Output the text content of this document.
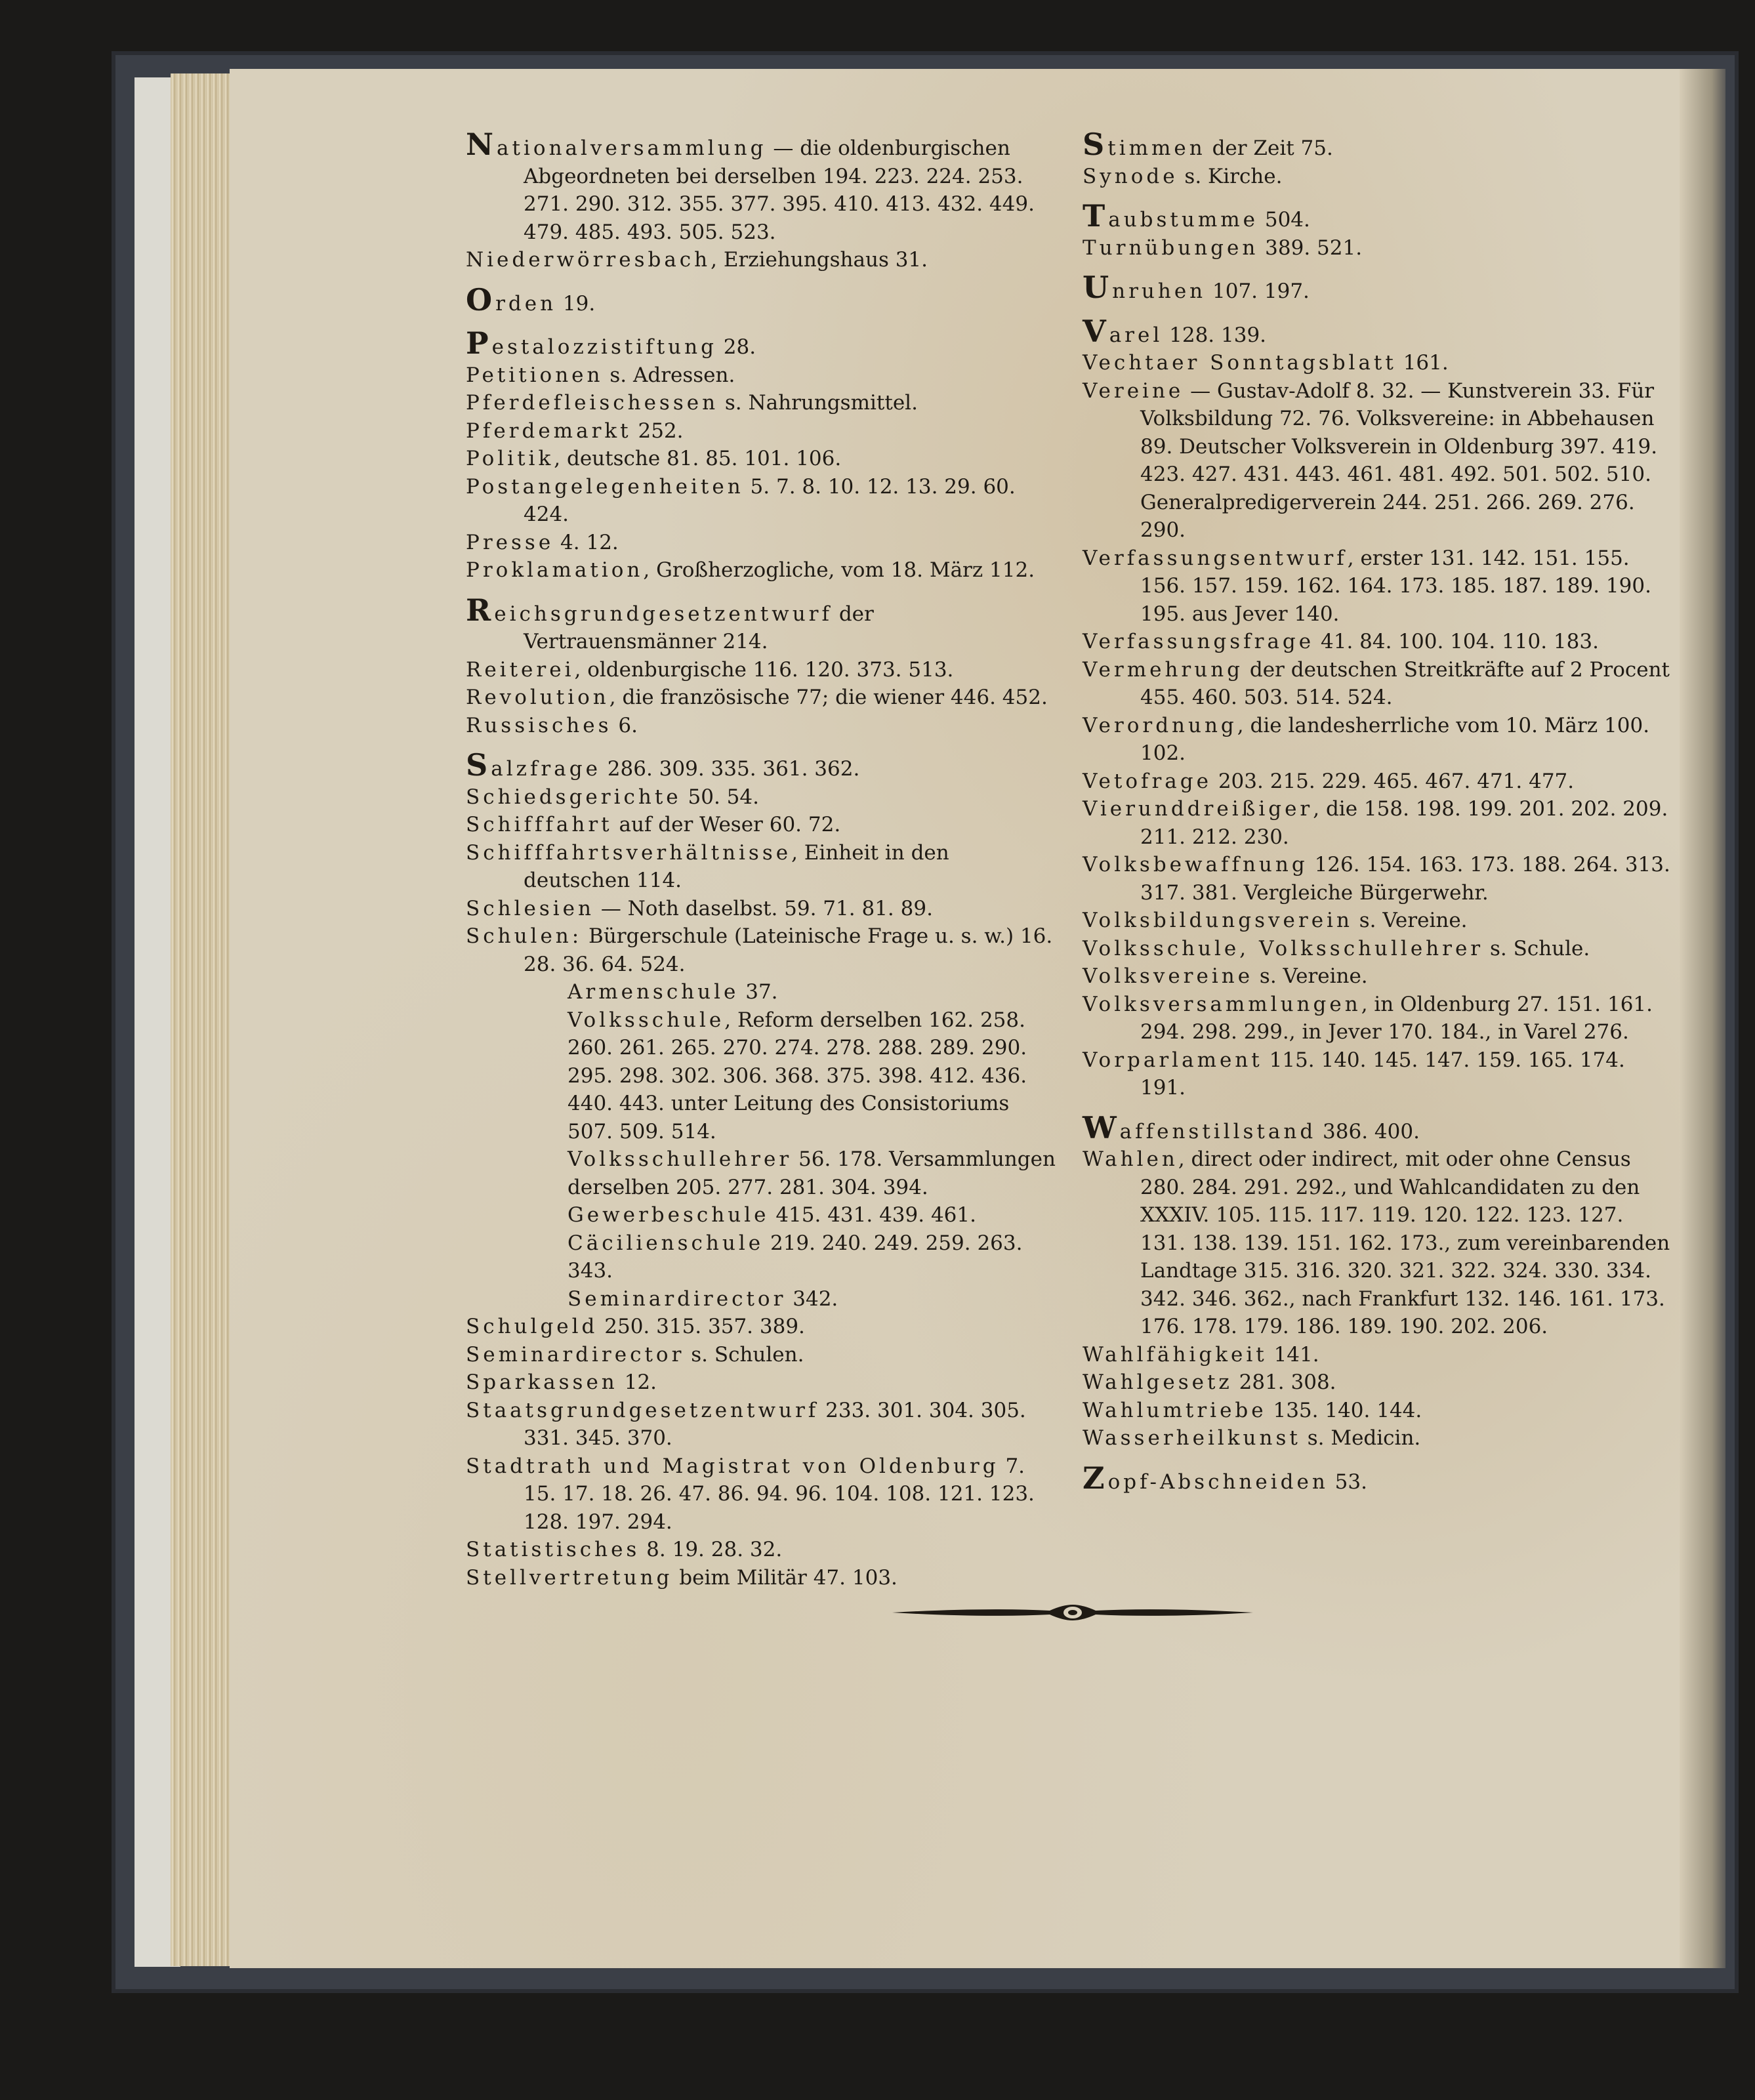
Nationalversammlung — die oldenburgischen Abgeordneten bei derselben 194. 223. 224. 253. 271. 290. 312. 355. 377. 395. 410. 413. 432. 449. 479. 485. 493. 505. 523.

Niederwörresbach, Erziehungshaus 31.

Orden 19.

Pestalozzistiftung 28.

Petitionen s. Adressen.

Pferdefleischessen s. Nahrungsmittel.

Pferdemarkt 252.

Politik, deutsche 81. 85. 101. 106.

Postangelegenheiten 5. 7. 8. 10. 12. 13. 29. 60. 424.

Presse 4. 12.

Proklamation, Großherzogliche, vom 18. März 112.

Reichsgrundgesetzentwurf der Vertrauensmänner 214.

Reiterei, oldenburgische 116. 120. 373. 513.

Revolution, die französische 77; die wiener 446. 452.

Russisches 6.

Salzfrage 286. 309. 335. 361. 362.

Schiedsgerichte 50. 54.

Schifffahrt auf der Weser 60. 72.

Schifffahrtsverhältnisse, Einheit in den deutschen 114.

Schlesien — Noth daselbst. 59. 71. 81. 89.

Schulen: Bürgerschule (Lateinische Frage u. s. w.) 16. 28. 36. 64. 524.

Armenschule 37.

Volksschule, Reform derselben 162. 258. 260. 261. 265. 270. 274. 278. 288. 289. 290. 295. 298. 302. 306. 368. 375. 398. 412. 436. 440. 443. unter Leitung des Consistoriums 507. 509. 514.

Volksschullehrer 56. 178. Versammlungen derselben 205. 277. 281. 304. 394.

Gewerbeschule 415. 431. 439. 461.

Cäcilienschule 219. 240. 249. 259. 263. 343.

Seminardirector 342.

Schulgeld 250. 315. 357. 389.

Seminardirector s. Schulen.

Sparkassen 12.

Staatsgrundgesetzentwurf 233. 301. 304. 305. 331. 345. 370.

Stadtrath und Magistrat von Oldenburg 7. 15. 17. 18. 26. 47. 86. 94. 96. 104. 108. 121. 123. 128. 197. 294.

Statistisches 8. 19. 28. 32.

Stellvertretung beim Militär 47. 103.

Stimmen der Zeit 75.

Synode s. Kirche.

Taubstumme 504.

Turnübungen 389. 521.

Unruhen 107. 197.

Varel 128. 139.

Vechtaer Sonntagsblatt 161.

Vereine — Gustav-Adolf 8. 32. — Kunstverein 33. Für Volksbildung 72. 76. Volksvereine: in Abbehausen 89. Deutscher Volksverein in Oldenburg 397. 419. 423. 427. 431. 443. 461. 481. 492. 501. 502. 510. Generalpredigerverein 244. 251. 266. 269. 276. 290.

Verfassungsentwurf, erster 131. 142. 151. 155. 156. 157. 159. 162. 164. 173. 185. 187. 189. 190. 195. aus Jever 140.

Verfassungsfrage 41. 84. 100. 104. 110. 183.

Vermehrung der deutschen Streitkräfte auf 2 Procent 455. 460. 503. 514. 524.

Verordnung, die landesherrliche vom 10. März 100. 102.

Vetofrage 203. 215. 229. 465. 467. 471. 477.

Vierunddreißiger, die 158. 198. 199. 201. 202. 209. 211. 212. 230.

Volksbewaffnung 126. 154. 163. 173. 188. 264. 313. 317. 381. Vergleiche Bürgerwehr.

Volksbildungsverein s. Vereine.

Volksschule, Volksschullehrer s. Schule.

Volksvereine s. Vereine.

Volksversammlungen, in Oldenburg 27. 151. 161. 294. 298. 299., in Jever 170. 184., in Varel 276.

Vorparlament 115. 140. 145. 147. 159. 165. 174. 191.

Waffenstillstand 386. 400.

Wahlen, direct oder indirect, mit oder ohne Census 280. 284. 291. 292., und Wahlcandidaten zu den XXXIV. 105. 115. 117. 119. 120. 122. 123. 127. 131. 138. 139. 151. 162. 173., zum vereinbarenden Landtage 315. 316. 320. 321. 322. 324. 330. 334. 342. 346. 362., nach Frankfurt 132. 146. 161. 173. 176. 178. 179. 186. 189. 190. 202. 206.

Wahlfähigkeit 141.

Wahlgesetz 281. 308.

Wahlumtriebe 135. 140. 144.

Wasserheilkunst s. Medicin.

Zopf-Abschneiden 53.
